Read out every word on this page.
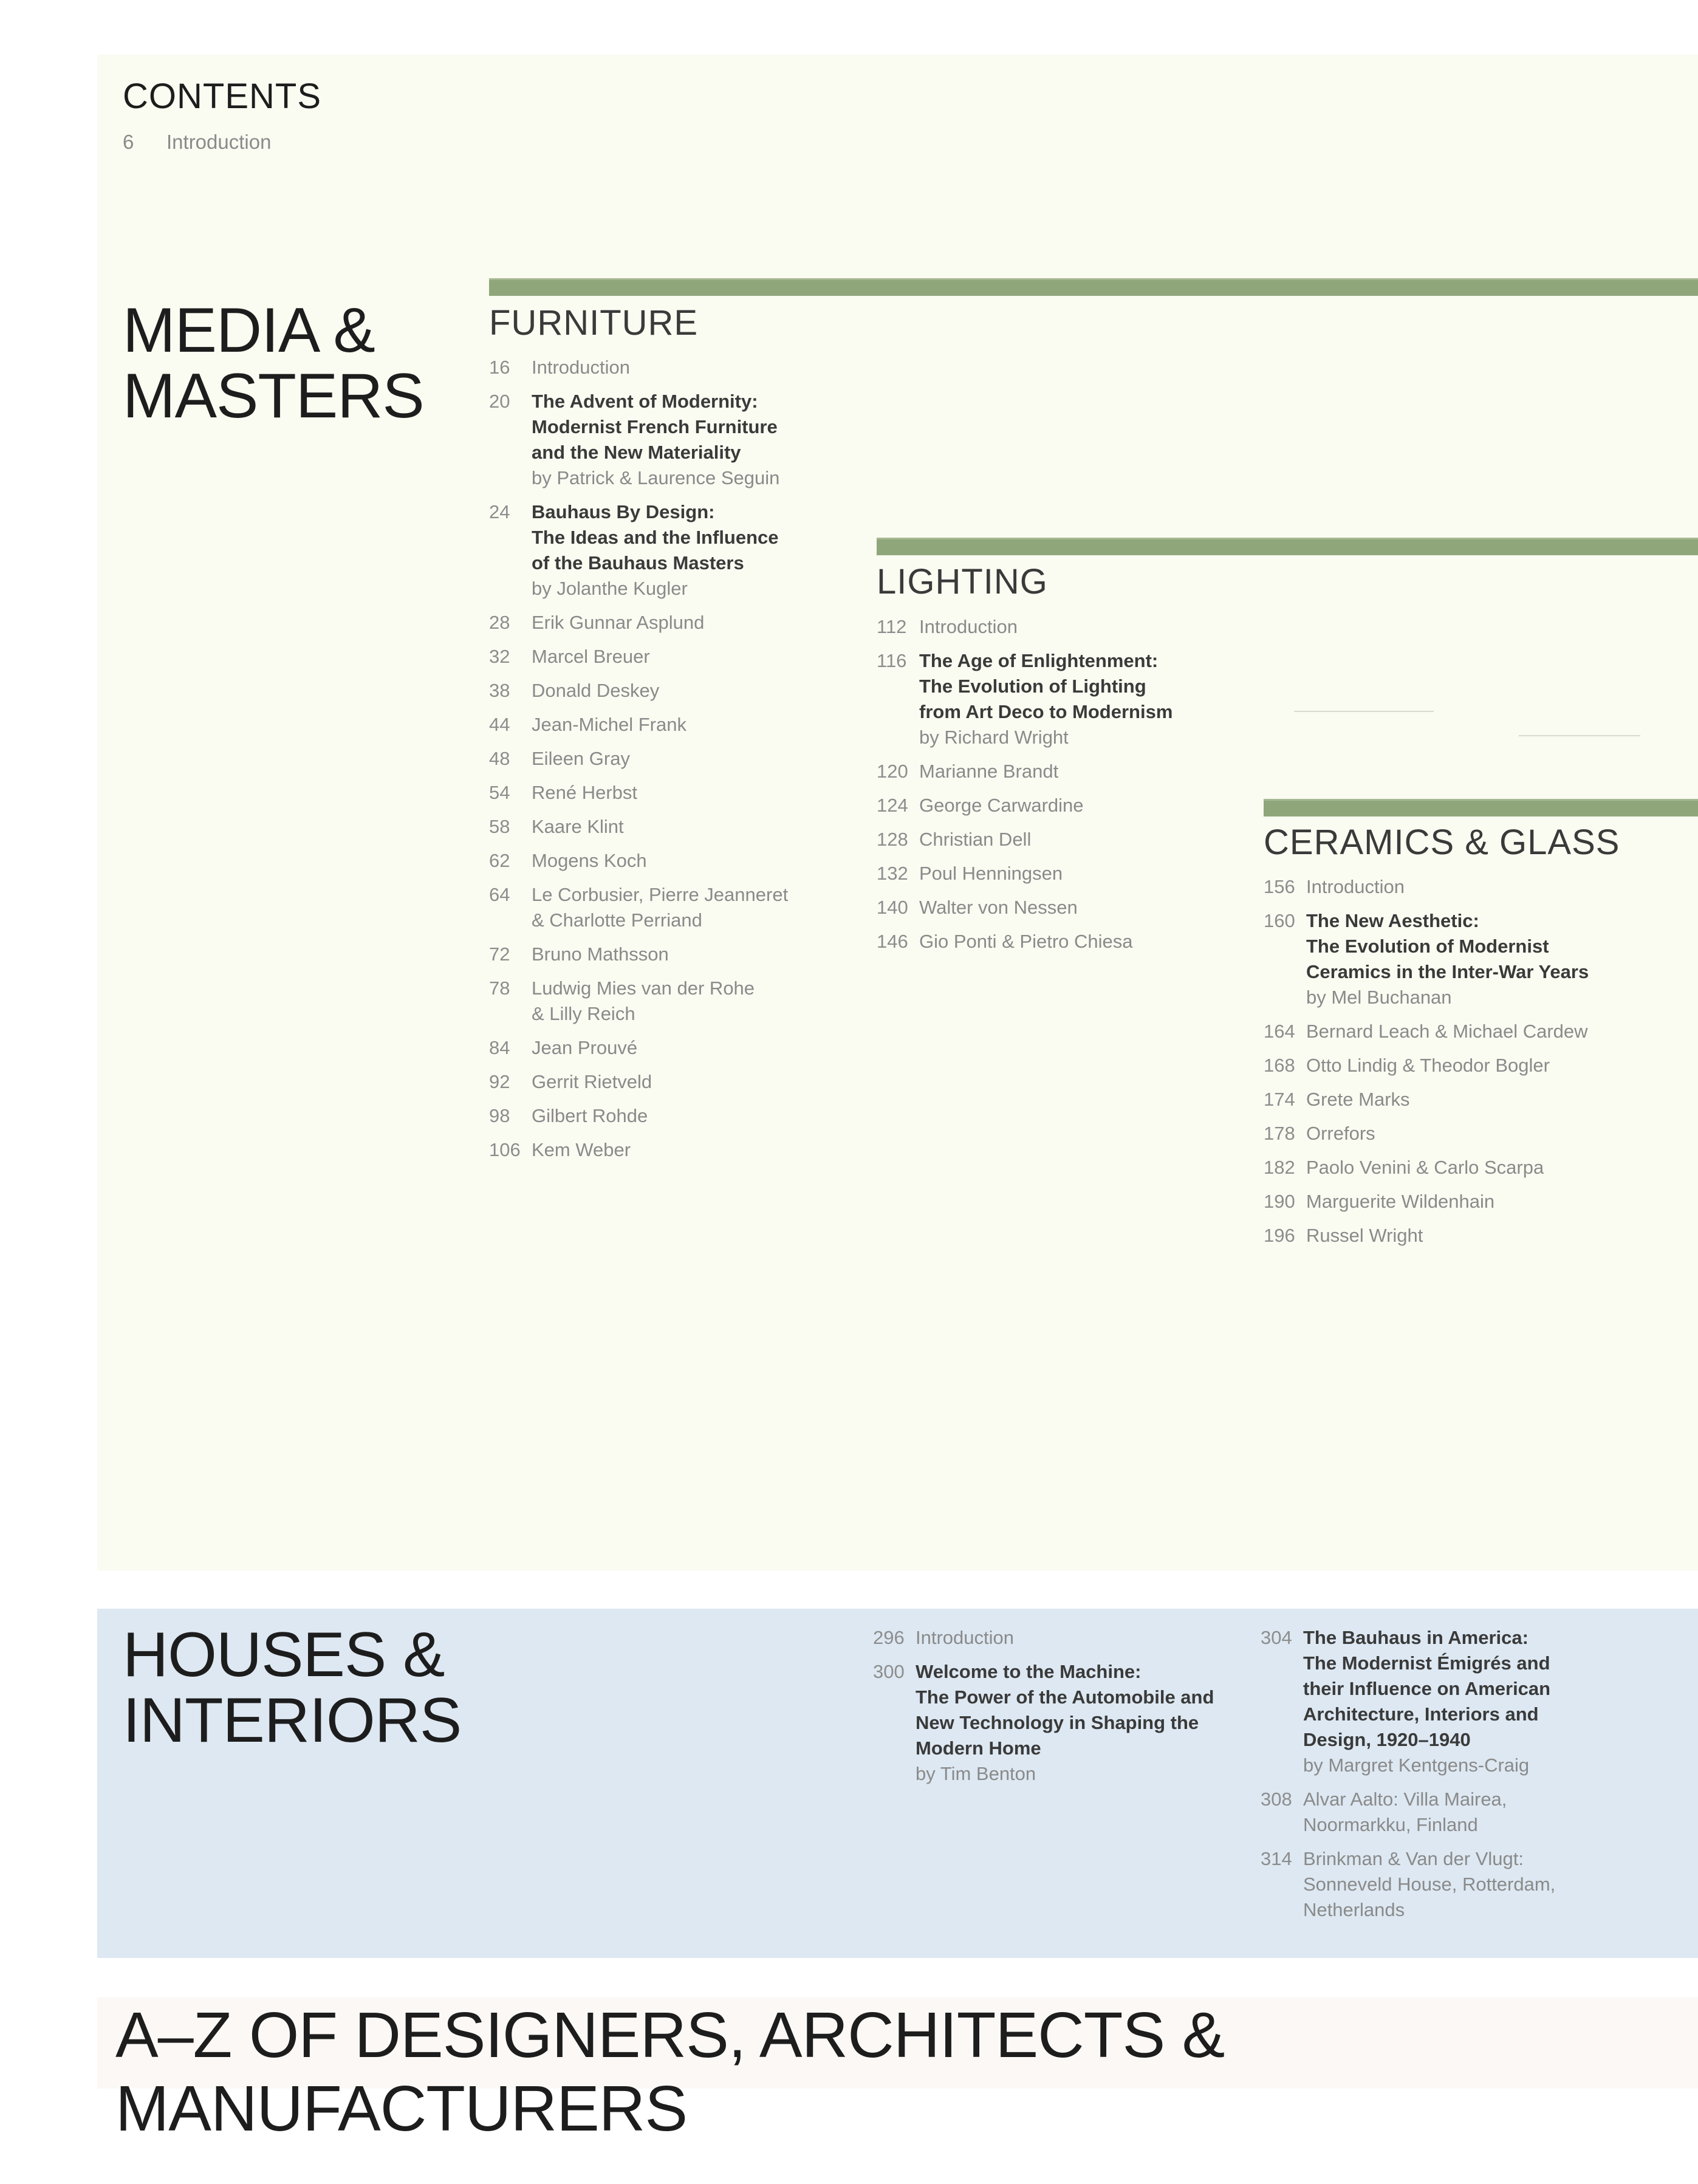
CONTENTS
6 Introduction
MEDIA &
MASTERS
FURNITURE
16	Introduction
20	The Advent of Modernity:
Modernist French Furniture
and the New Materiality
by Patrick & Laurence Seguin
24	Bauhaus By Design:
The Ideas and the Influence
of the Bauhaus Masters
by Jolanthe Kugler
28	Erik Gunnar Asplund
32	Marcel Breuer
38	Donald Deskey
44	Jean-Michel Frank
48	Eileen Gray
54	René Herbst
58	Kaare Klint
62	Mogens Koch
64	Le Corbusier, Pierre Jeanneret
& Charlotte Perriand
72	Bruno Mathsson
78	Ludwig Mies van der Rohe
& Lilly Reich
84	Jean Prouvé
92	Gerrit Rietveld
98	Gilbert Rohde
106 Kem Weber
LIGHTING
112 Introduction
116 The Age of Enlightenment:
The Evolution of Lighting
from Art Deco to Modernism
by Richard Wright
120 Marianne Brandt
124 George Carwardine
128 Christian Dell
132 Poul Henningsen
140 Walter von Nessen
146 Gio Ponti & Pietro Chiesa
CERAMICS & GLASS
156 Introduction
160 The New Aesthetic:
The Evolution of Modernist
Ceramics in the Inter-War Years
by Mel Buchanan
164 Bernard Leach & Michael Cardew
168 Otto Lindig & Theodor Bogler
174 Grete Marks
178 Orrefors
182 Paolo Venini & Carlo Scarpa
190 Marguerite Wildenhain
196 Russel Wright
HOUSES &
INTERIORS
296 Introduction
300 Welcome to the Machine:
The Power of the Automobile and
New Technology in Shaping the
Modern Home
by Tim Benton
304 The Bauhaus in America:
The Modernist Émigrés and
their Influence on American
Architecture, Interiors and
Design, 1920–1940
by Margret Kentgens-Craig
308 Alvar Aalto: Villa Mairea,
Noormarkku, Finland
314 Brinkman & Van der Vlugt:
Sonneveld House, Rotterdam,
Netherlands
A–Z OF DESIGNERS, ARCHITECTS & MANUFACTURERS
